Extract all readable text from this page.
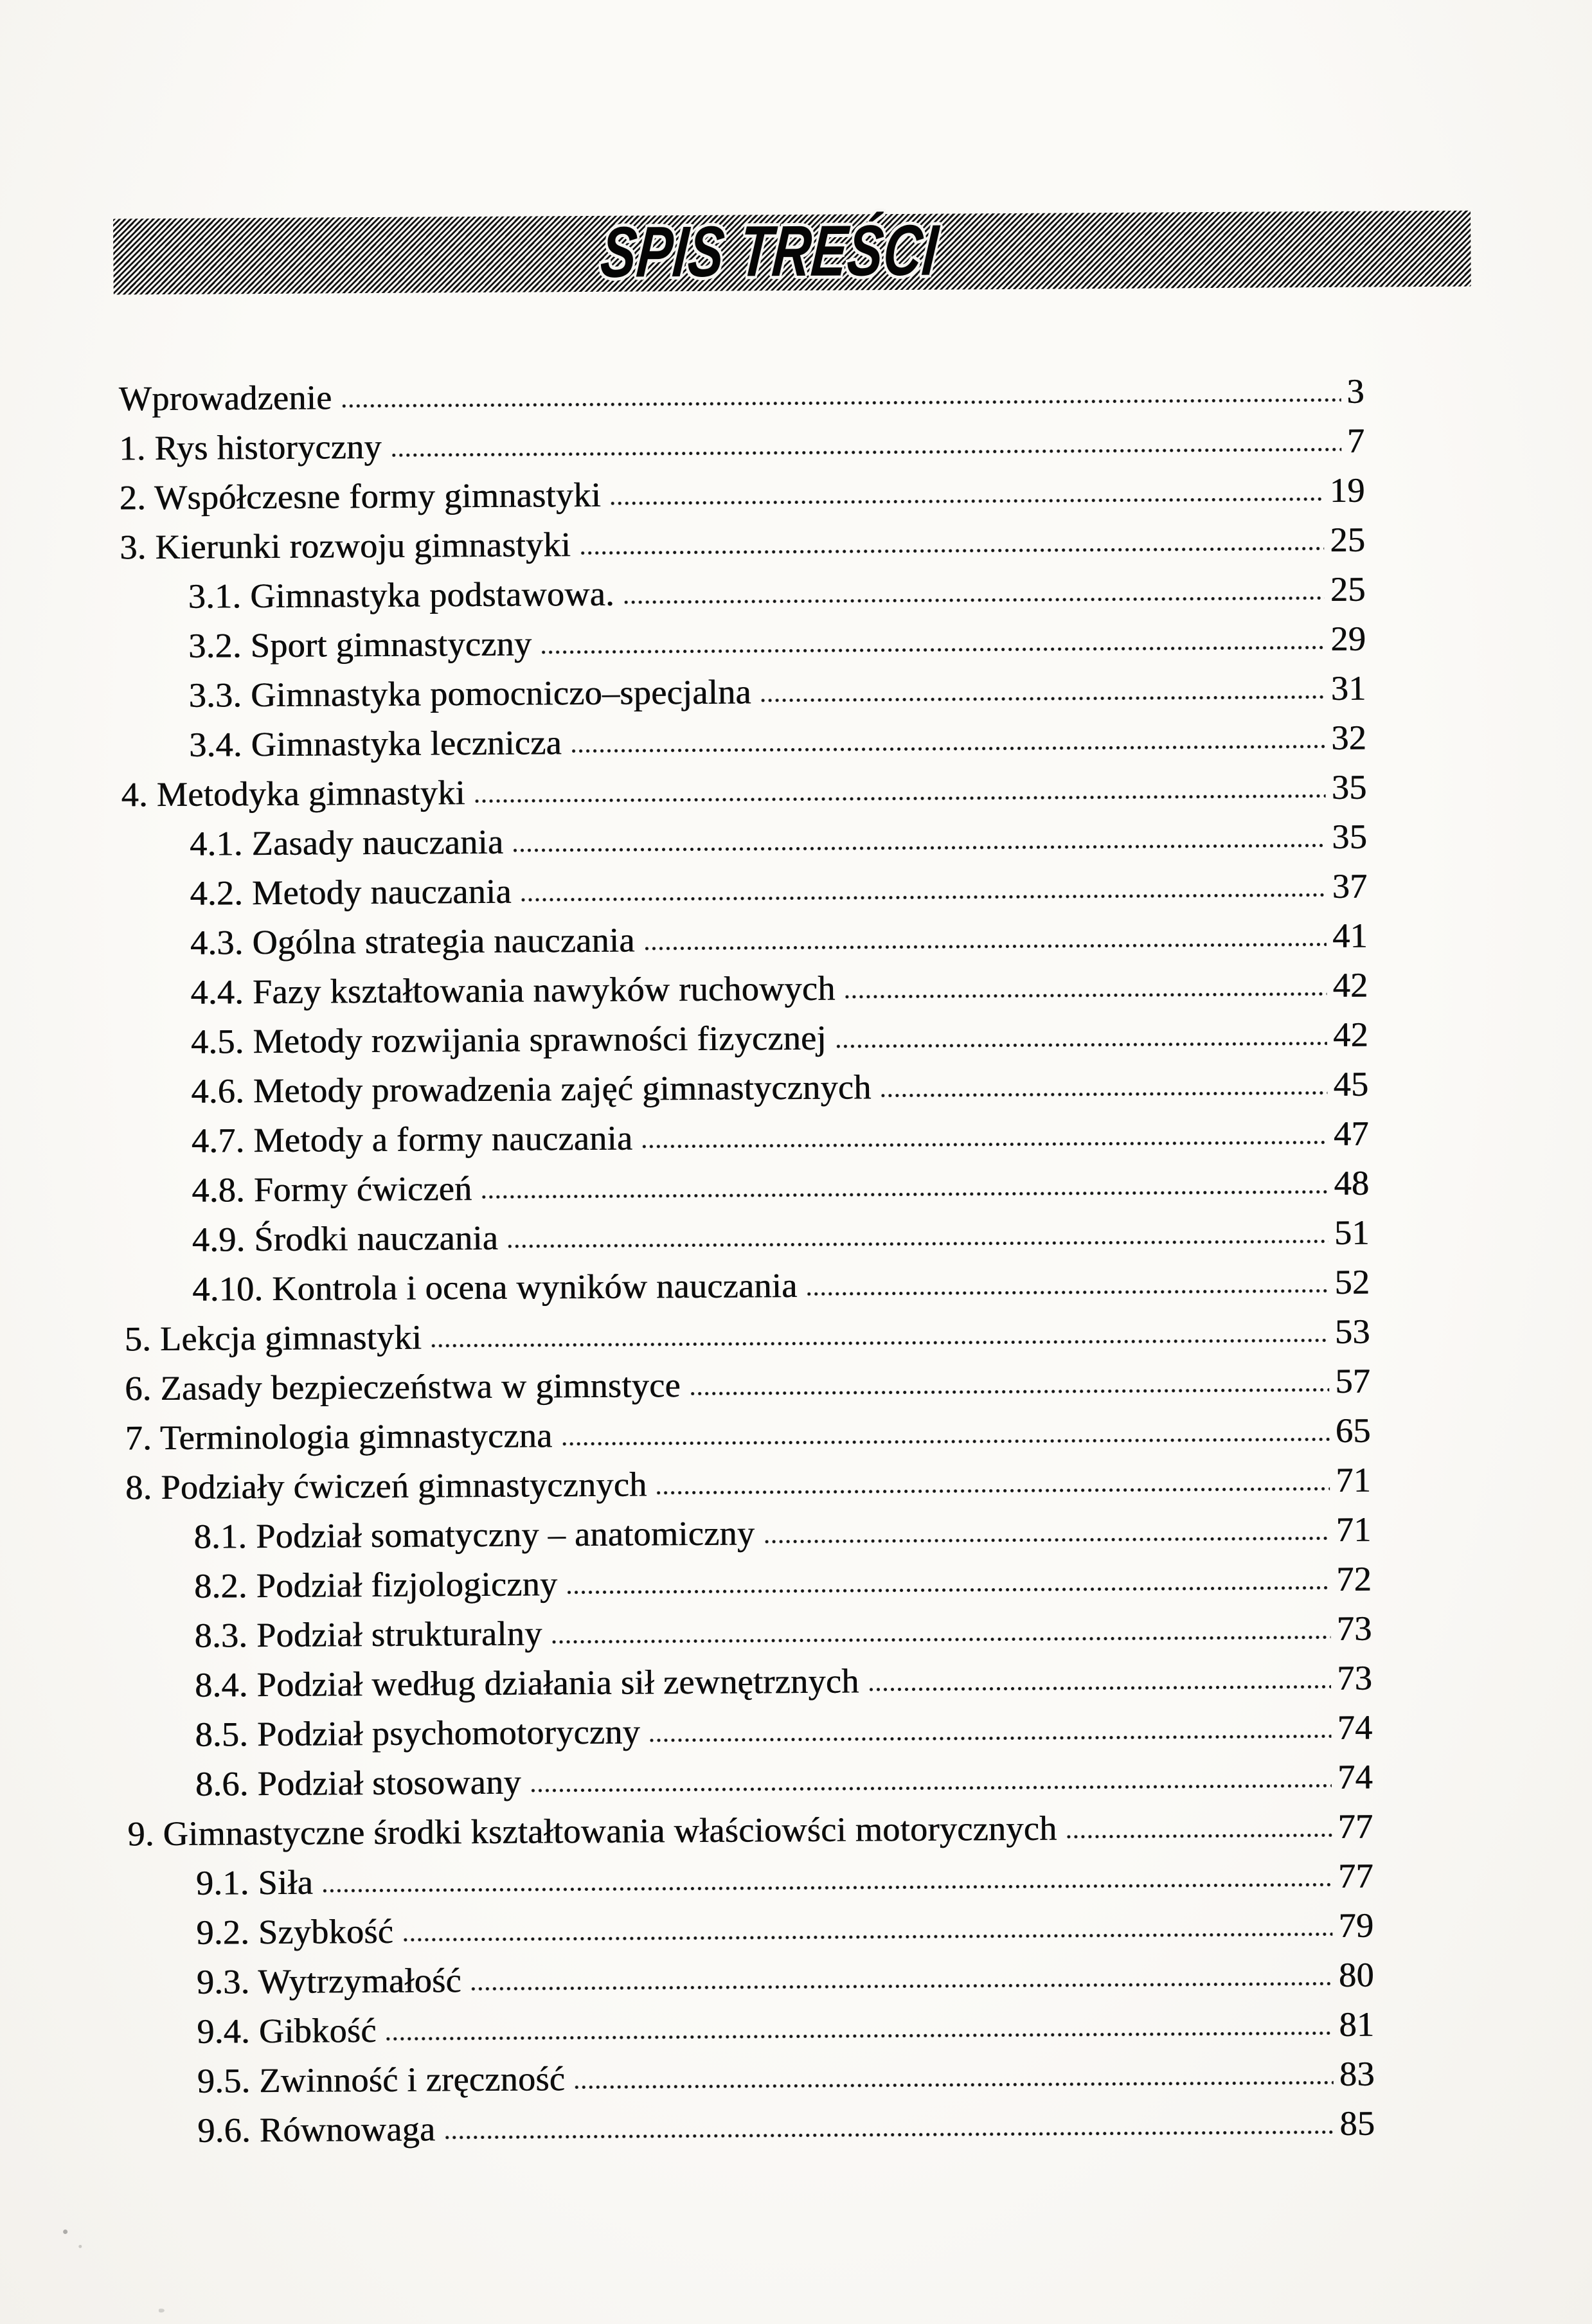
SPIS TREŚCI
Wprowadzenie	3
1. Rys historyczny	7
2. Współczesne formy gimnastyki	19
3. Kierunki rozwoju gimnastyki	25
3.1. Gimnastyka podstawowa.	25
3.2. Sport gimnastyczny	29
3.3. Gimnastyka pomocniczo–specjalna	31
3.4. Gimnastyka lecznicza	32
4. Metodyka gimnastyki	35
4.1. Zasady nauczania	35
4.2. Metody nauczania	37
4.3. Ogólna strategia nauczania	41
4.4. Fazy kształtowania nawyków ruchowych	42
4.5. Metody rozwijania sprawności fizycznej	42
4.6. Metody prowadzenia zajęć gimnastycznych	45
4.7. Metody a formy nauczania	47
4.8. Formy ćwiczeń	48
4.9. Środki nauczania	51
4.10. Kontrola i ocena wyników nauczania	52
5. Lekcja gimnastyki	53
6. Zasady bezpieczeństwa w gimnstyce	57
7. Terminologia gimnastyczna	65
8. Podziały ćwiczeń gimnastycznych	71
8.1. Podział somatyczny – anatomiczny	71
8.2. Podział fizjologiczny	72
8.3. Podział strukturalny	73
8.4. Podział według działania sił zewnętrznych	73
8.5. Podział psychomotoryczny	74
8.6. Podział stosowany	74
9. Gimnastyczne środki kształtowania właściowści motorycznych	77
9.1. Siła	77
9.2. Szybkość	79
9.3. Wytrzymałość	80
9.4. Gibkość	81
9.5. Zwinność i zręczność	83
9.6. Równowaga	85
